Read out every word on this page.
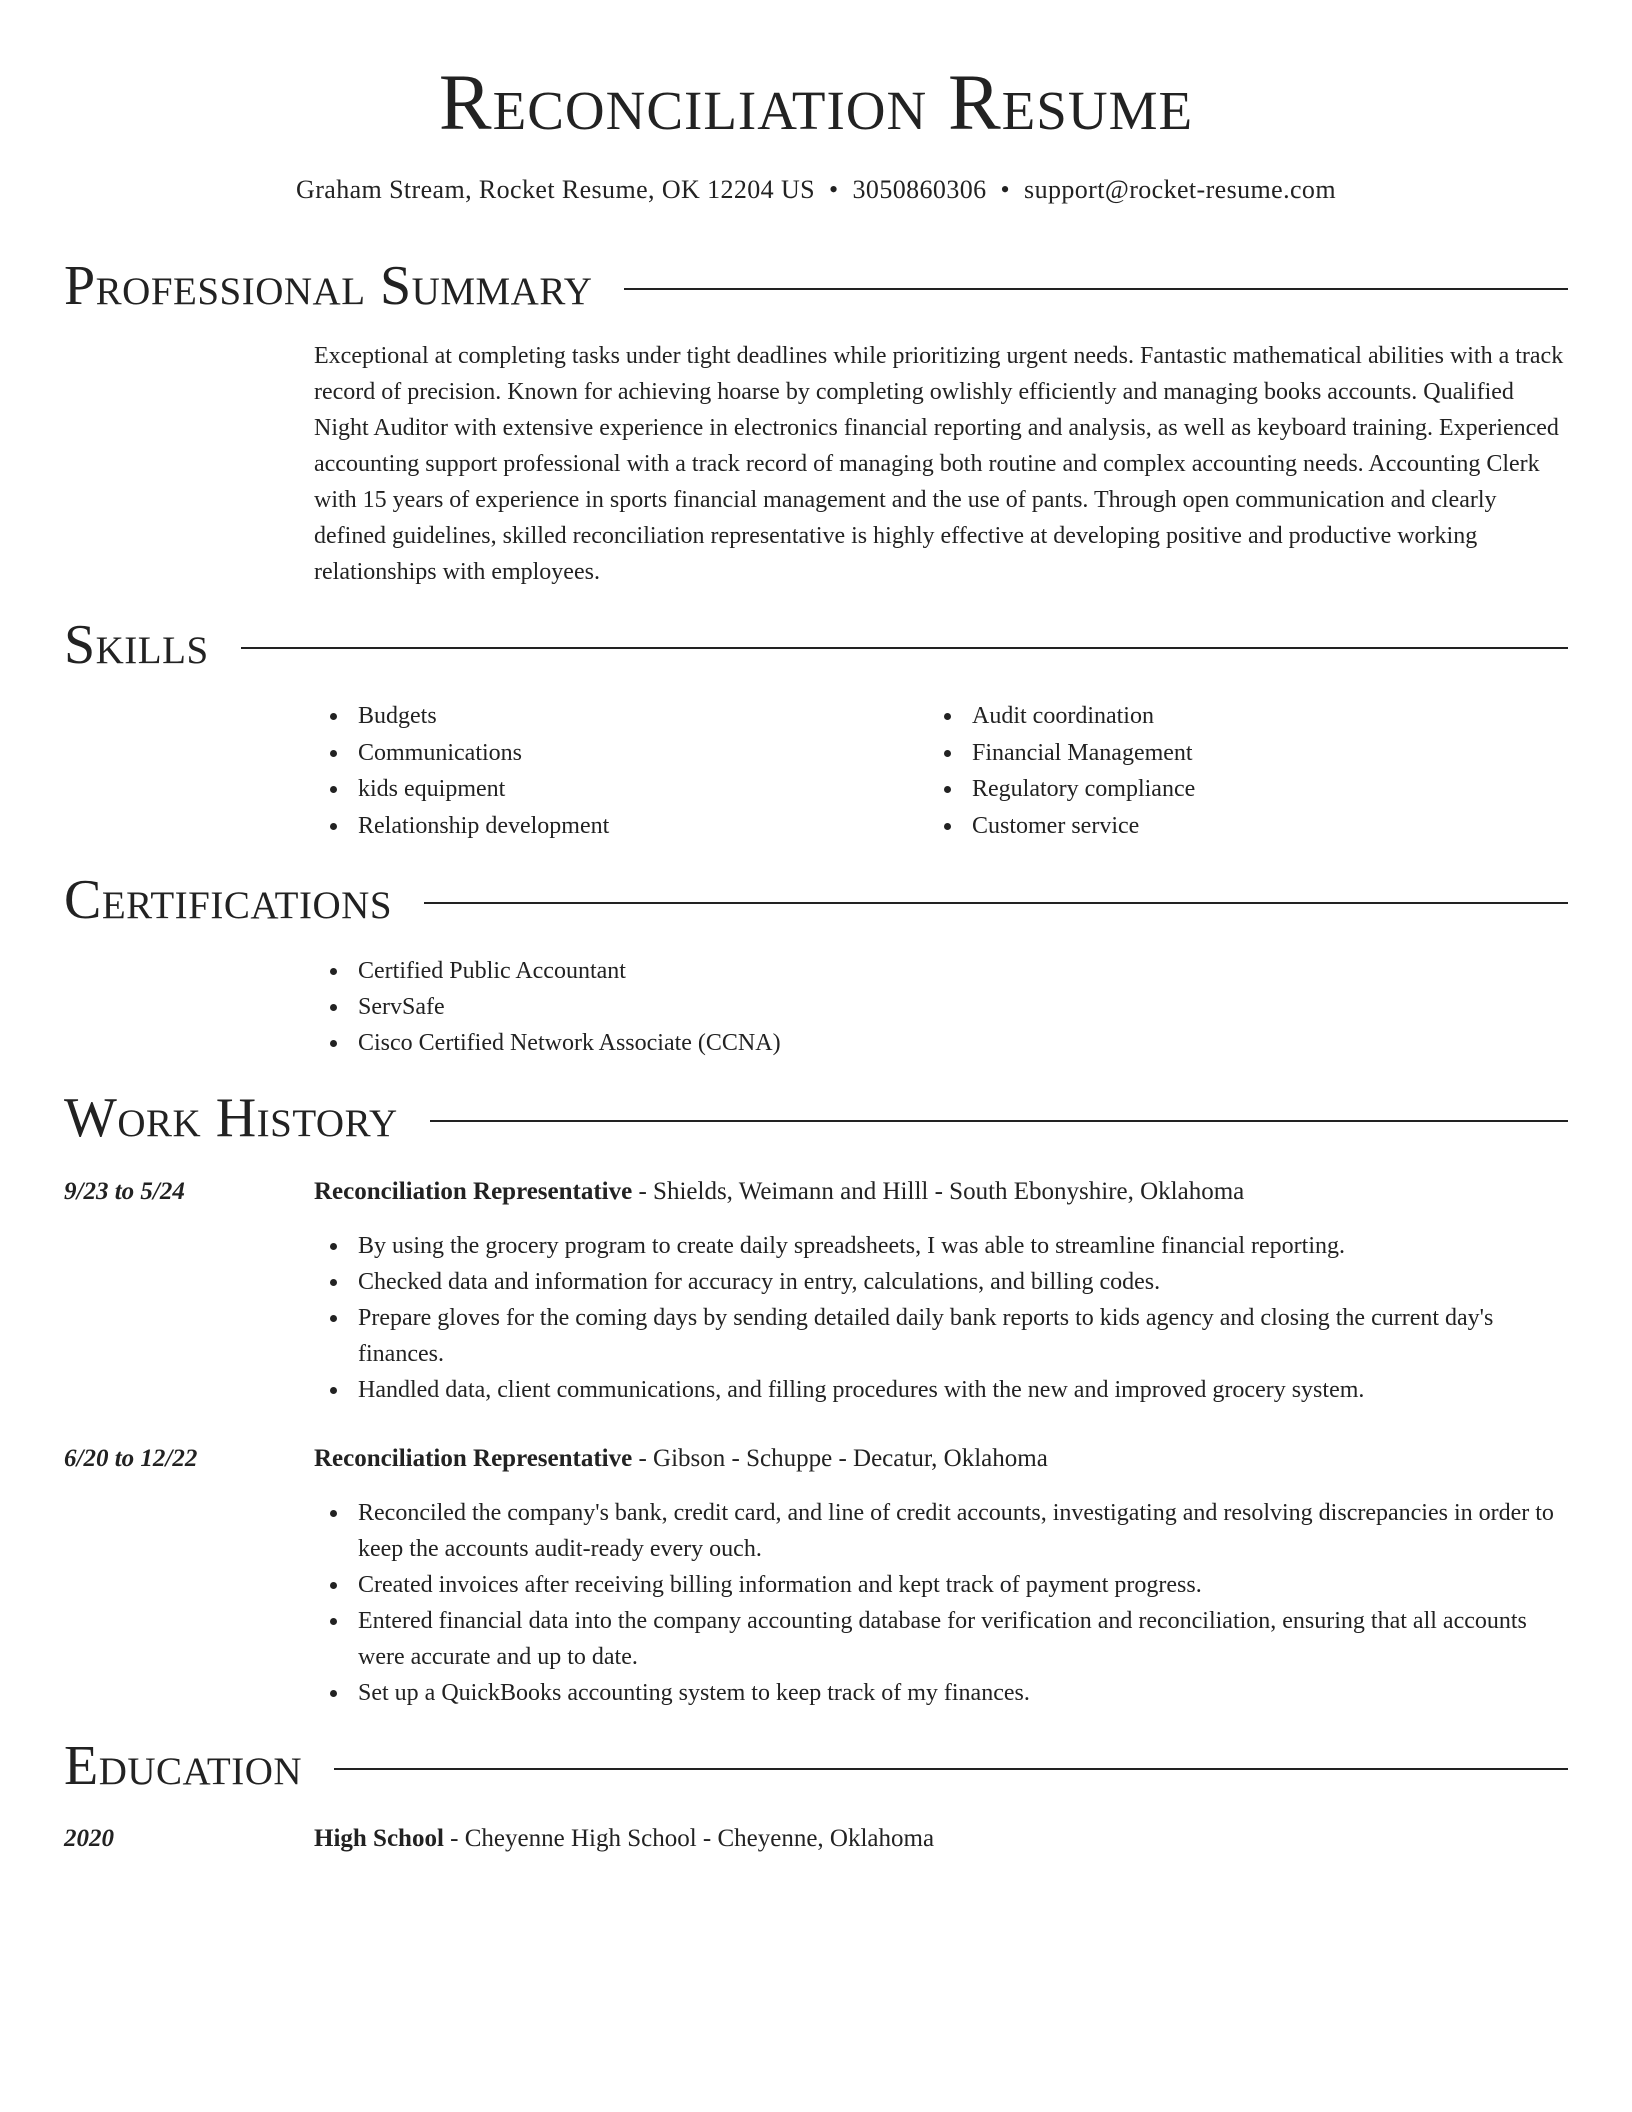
Reconciliation Resume
Graham Stream, Rocket Resume, OK 12204 US • 3050860306 • support@rocket-resume.com
Professional Summary

Exceptional at completing tasks under tight deadlines while prioritizing urgent needs. Fantastic mathematical abilities with a track record of precision. Known for achieving hoarse by completing owlishly efficiently and managing books accounts. Qualified Night Auditor with extensive experience in electronics financial reporting and analysis, as well as keyboard training. Experienced accounting support professional with a track record of managing both routine and complex accounting needs. Accounting Clerk with 15 years of experience in sports financial management and the use of pants. Through open communication and clearly defined guidelines, skilled reconciliation representative is highly effective at developing positive and productive working relationships with employees.

Skills
Budgets
Communications
kids equipment
Relationship development
Audit coordination
Financial Management
Regulatory compliance
Customer service
Certifications
Certified Public Accountant
ServSafe
Cisco Certified Network Associate (CCNA)
Work History
9/23 to 5/24	Reconciliation Representative - Shields, Weimann and Hilll - South Ebonyshire, Oklahoma
By using the grocery program to create daily spreadsheets, I was able to streamline financial reporting.
Checked data and information for accuracy in entry, calculations, and billing codes.
Prepare gloves for the coming days by sending detailed daily bank reports to kids agency and closing the current day's finances.
Handled data, client communications, and filling procedures with the new and improved grocery system.
6/20 to 12/22	Reconciliation Representative - Gibson - Schuppe - Decatur, Oklahoma
Reconciled the company's bank, credit card, and line of credit accounts, investigating and resolving discrepancies in order to keep the accounts audit-ready every ouch.
Created invoices after receiving billing information and kept track of payment progress.
Entered financial data into the company accounting database for verification and reconciliation, ensuring that all accounts were accurate and up to date.
Set up a QuickBooks accounting system to keep track of my finances.
Education
2020	High School - Cheyenne High School - Cheyenne, Oklahoma
